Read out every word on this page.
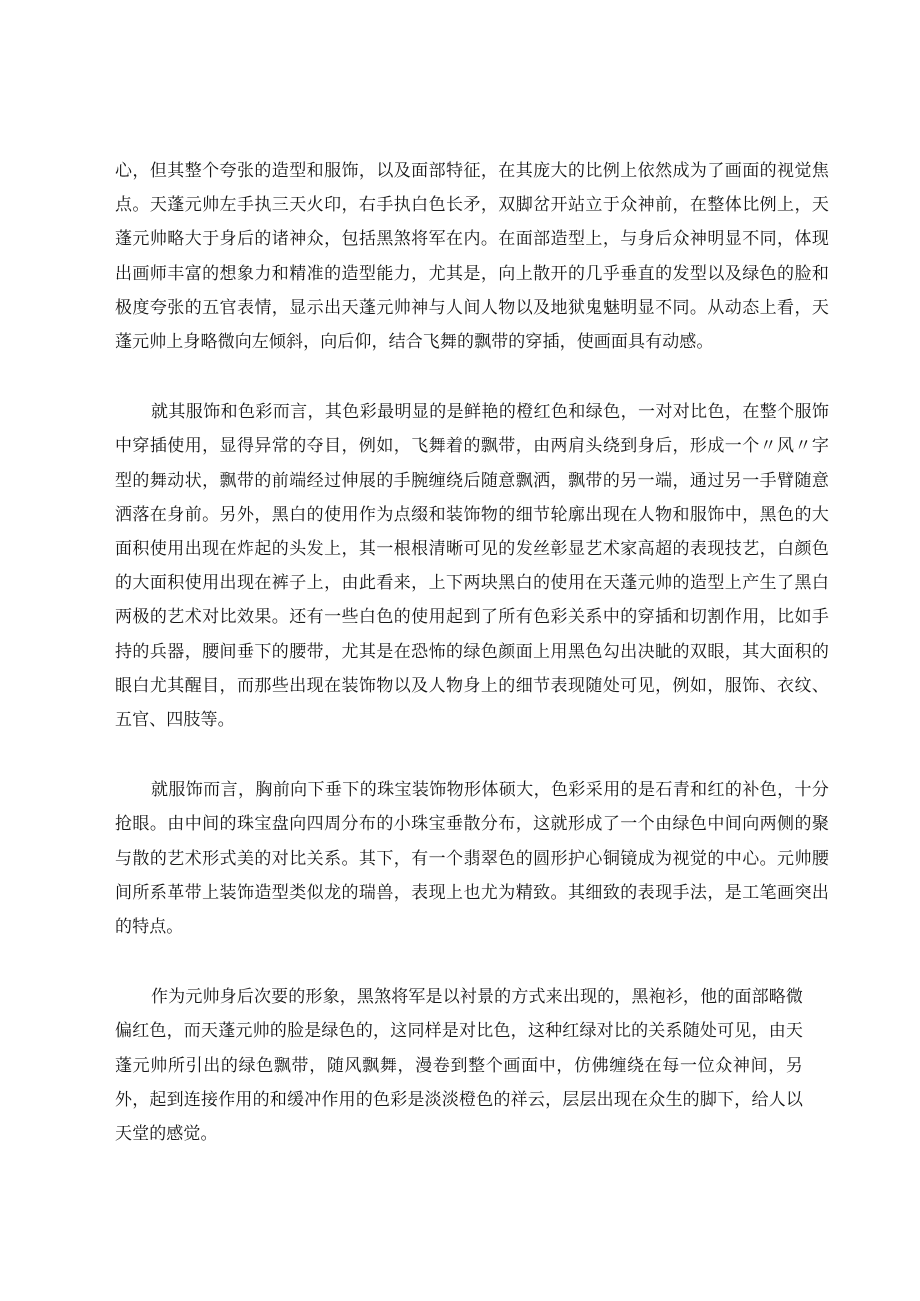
心，但其整个夸张的造型和服饰，以及面部特征，在其庞大的比例上依然成为了画面的视觉焦点。天蓬元帅左手执三天火印，右手执白色长矛，双脚岔开站立于众神前，在整体比例上，天蓬元帅略大于身后的诸神众，包括黑煞将军在内。在面部造型上，与身后众神明显不同，体现出画师丰富的想象力和精准的造型能力，尤其是，向上散开的几乎垂直的发型以及绿色的脸和极度夸张的五官表情，显示出天蓬元帅神与人间人物以及地狱鬼魅明显不同。从动态上看，天蓬元帅上身略微向左倾斜，向后仰，结合飞舞的飘带的穿插，使画面具有动感。

就其服饰和色彩而言，其色彩最明显的是鲜艳的橙红色和绿色，一对对比色，在整个服饰中穿插使用，显得异常的夺目，例如，飞舞着的飘带，由两肩头绕到身后，形成一个〃风〃字型的舞动状，飘带的前端经过伸展的手腕缠绕后随意飘洒，飘带的另一端，通过另一手臂随意洒落在身前。另外，黑白的使用作为点缀和装饰物的细节轮廓出现在人物和服饰中，黑色的大面积使用出现在炸起的头发上，其一根根清晰可见的发丝彰显艺术家高超的表现技艺，白颜色的大面积使用出现在裤子上，由此看来，上下两块黑白的使用在天蓬元帅的造型上产生了黑白两极的艺术对比效果。还有一些白色的使用起到了所有色彩关系中的穿插和切割作用，比如手持的兵器，腰间垂下的腰带，尤其是在恐怖的绿色颜面上用黑色勾出决眦的双眼，其大面积的眼白尤其醒目，而那些出现在装饰物以及人物身上的细节表现随处可见，例如，服饰、衣纹、五官、四肢等。

就服饰而言，胸前向下垂下的珠宝装饰物形体硕大，色彩采用的是石青和红的补色，十分抢眼。由中间的珠宝盘向四周分布的小珠宝垂散分布，这就形成了一个由绿色中间向两侧的聚与散的艺术形式美的对比关系。其下，有一个翡翠色的圆形护心铜镜成为视觉的中心。元帅腰间所系革带上装饰造型类似龙的瑞兽，表现上也尤为精致。其细致的表现手法，是工笔画突出的特点。

作为元帅身后次要的形象，黑煞将军是以衬景的方式来出现的，黑袍衫，他的面部略微偏红色，而天蓬元帅的脸是绿色的，这同样是对比色，这种红绿对比的关系随处可见，由天蓬元帅所引出的绿色飘带，随风飘舞，漫卷到整个画面中，仿佛缠绕在每一位众神间，另外，起到连接作用的和缓冲作用的色彩是淡淡橙色的祥云，层层出现在众生的脚下，给人以天堂的感觉。
